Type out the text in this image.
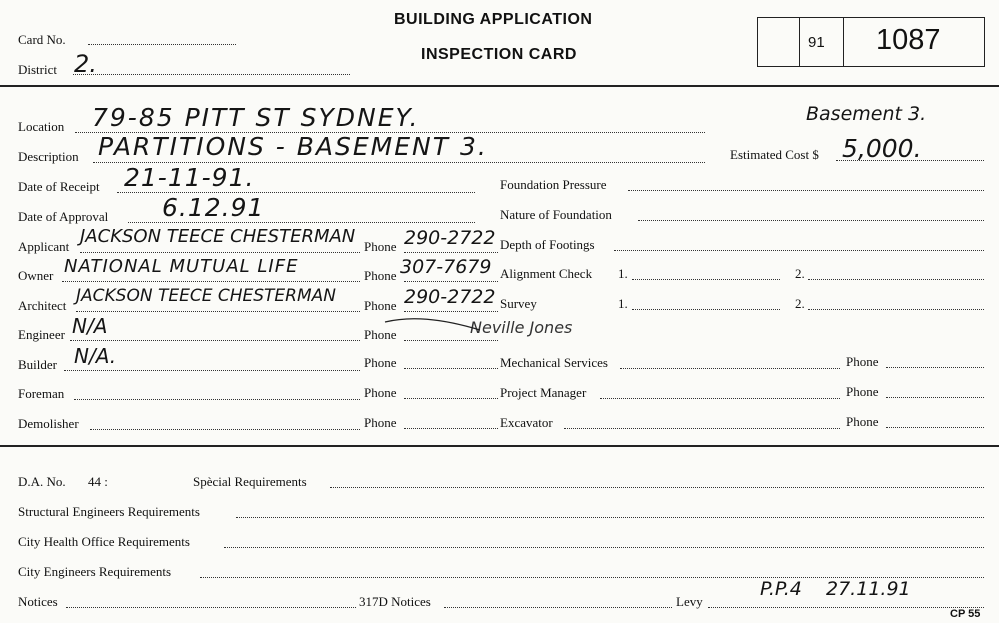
Card No.
District 2.
BUILDING APPLICATION
INSPECTION CARD
91 1087
Location 79-85 PITT ST SYDNEY.	Basement 3.
Description PARTITIONS - BASEMENT 3.	Estimated Cost $ 5,000.
Date of Receipt 21-11-91.	Foundation Pressure
Date of Approval 6.12.91	Nature of Foundation
Applicant JACKSON TEECE CHESTERMAN Phone 290-2722 Depth of Footings
Owner NATIONAL MUTUAL LIFE	Phone 307-7679 Alignment Check 1.	2.
Architect JACKSON TEECE CHESTERMAN Phone 290-2722 Survey	1.	2.
Engineer N/A	Phone	Neville Jones
Builder N/A.	Phone	Mechanical Services	Phone
Foreman	Phone	Project Manager	Phone
Demolisher	Phone	Excavator	Phone
D.A. No. 44 :	Spècial Requirements
Structural Engineers Requirements
City Health Office Requirements
City Engineers Requirements
Notices	317D Notices	Levy
P.P.4    27.11.91
CP 55
